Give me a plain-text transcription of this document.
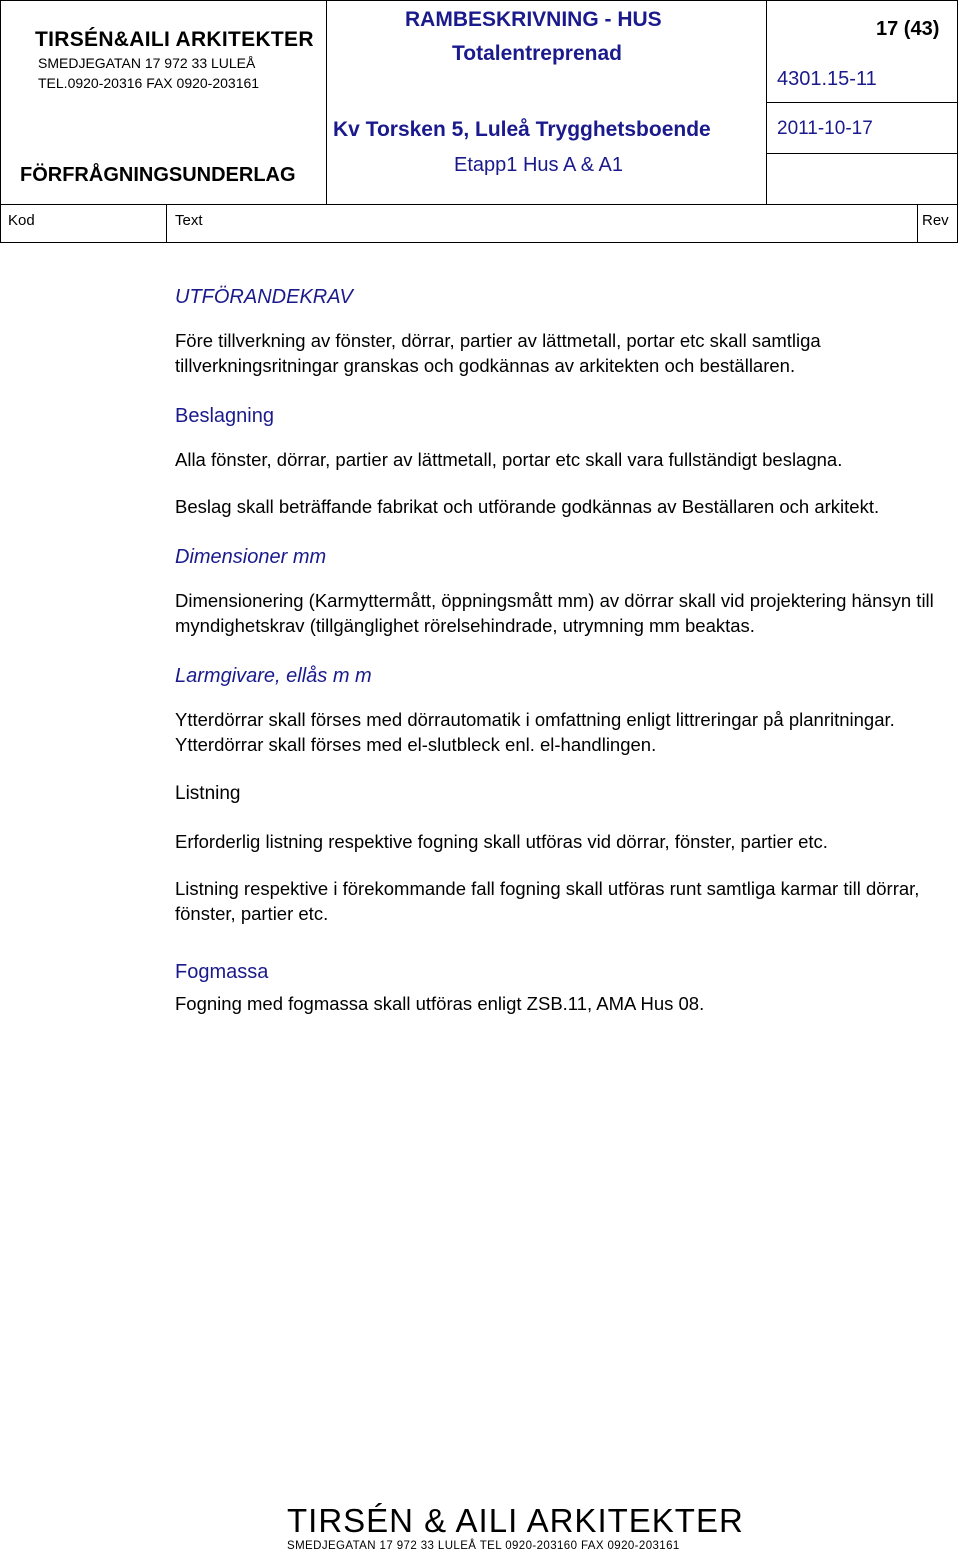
TIRSÉN&AILI ARKITEKTER
SMEDJEGATAN 17 972 33 LULEÅ
TEL.0920-20316 FAX 0920-203161
FÖRFRÅGNINGSUNDERLAG
RAMBESKRIVNING - HUS
Totalentreprenad
Kv Torsken 5, Luleå Trygghetsboende
Etapp1 Hus A & A1
17 (43)
4301.15-11
2011-10-17
Kod	Text	Rev

UTFÖRANDEKRAV

Före tillverkning av fönster, dörrar, partier av lättmetall, portar etc skall samtliga tillverkningsritningar granskas och godkännas av arkitekten och beställaren.

Beslagning

Alla fönster, dörrar, partier av lättmetall, portar etc skall vara fullständigt beslagna.

Beslag skall beträffande fabrikat och utförande godkännas av Beställaren och arkitekt.

Dimensioner mm

Dimensionering (Karmyttermått, öppningsmått mm) av dörrar skall vid projektering hänsyn till myndighetskrav (tillgänglighet rörelsehindrade, utrymning mm beaktas.

Larmgivare, ellås m m

Ytterdörrar skall förses med dörrautomatik i omfattning enligt littreringar på planritningar.

Ytterdörrar skall förses med el-slutbleck enl. el-handlingen.

Listning

Erforderlig listning respektive fogning skall utföras vid dörrar, fönster, partier etc.

Listning respektive i förekommande fall fogning skall utföras runt samtliga karmar till dörrar, fönster, partier etc.

Fogmassa

Fogning med fogmassa skall utföras enligt ZSB.11, AMA Hus 08.

TIRSÉN & AILI ARKITEKTER
SMEDJEGATAN 17 972 33 LULEÅ TEL 0920-203160 FAX 0920-203161
